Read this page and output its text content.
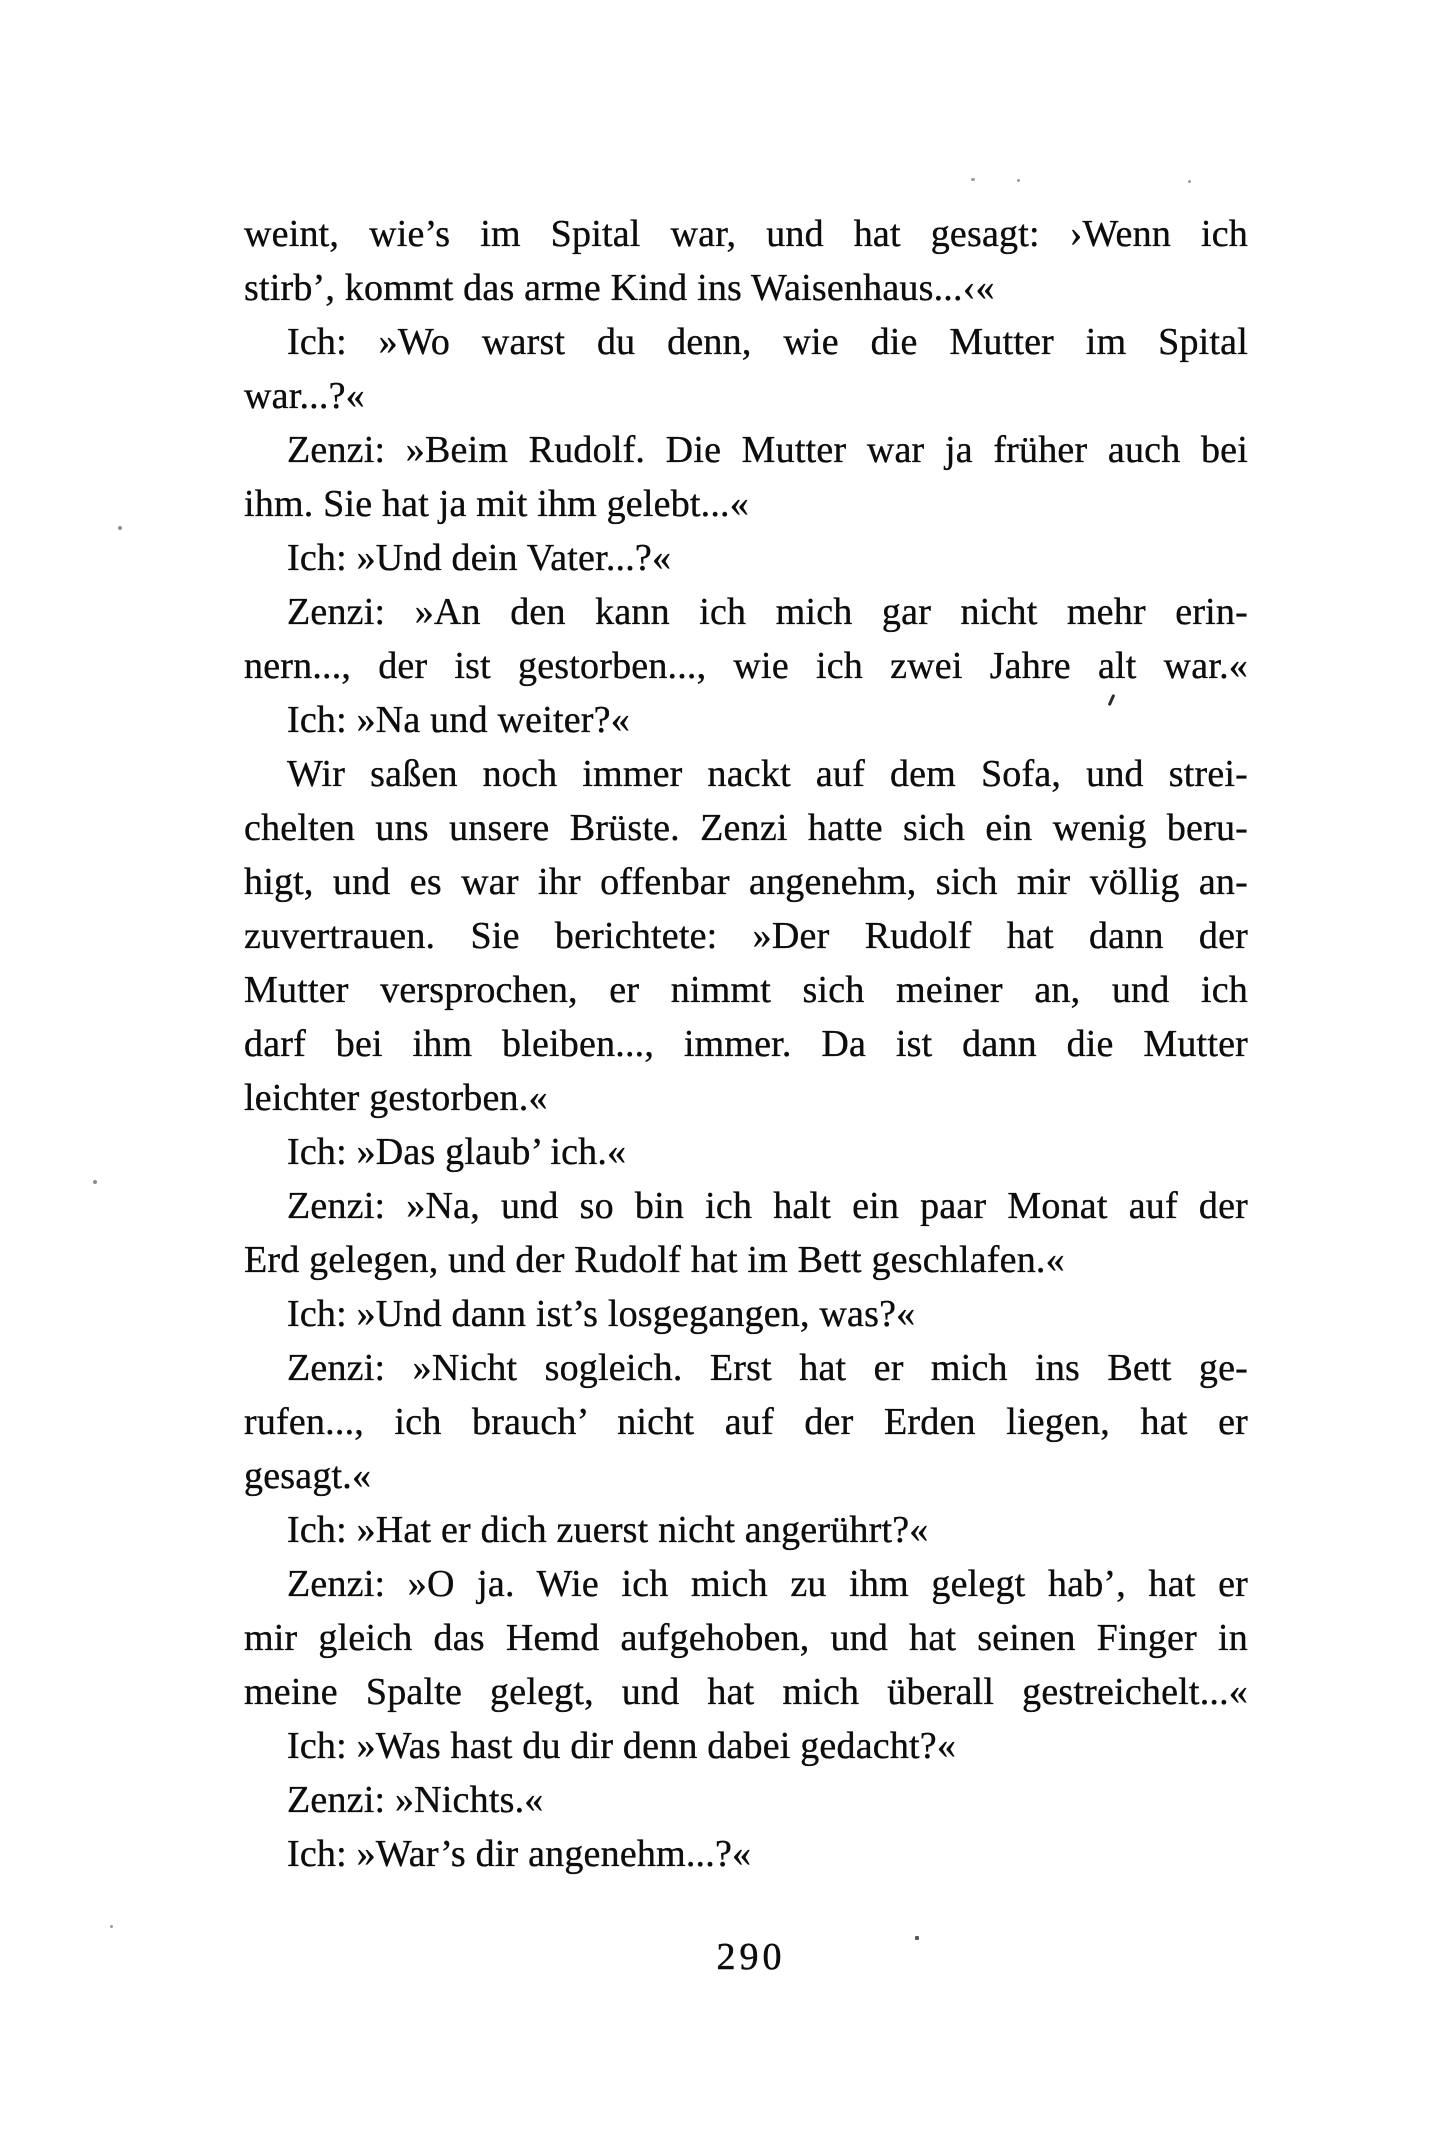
weint, wie’s im Spital war, und hat gesagt: ›Wenn ich
stirb’, kommt das arme Kind ins Waisenhaus...‹«
Ich: »Wo warst du denn, wie die Mutter im Spital
war...?«
Zenzi: »Beim Rudolf. Die Mutter war ja früher auch bei
ihm. Sie hat ja mit ihm gelebt...«
Ich: »Und dein Vater...?«
Zenzi: »An den kann ich mich gar nicht mehr erin-
nern..., der ist gestorben..., wie ich zwei Jahre alt war.«
Ich: »Na und weiter?«
Wir saßen noch immer nackt auf dem Sofa, und strei-
chelten uns unsere Brüste. Zenzi hatte sich ein wenig beru-
higt, und es war ihr offenbar angenehm, sich mir völlig an-
zuvertrauen. Sie berichtete: »Der Rudolf hat dann der
Mutter versprochen, er nimmt sich meiner an, und ich
darf bei ihm bleiben..., immer. Da ist dann die Mutter
leichter gestorben.«
Ich: »Das glaub’ ich.«
Zenzi: »Na, und so bin ich halt ein paar Monat auf der
Erd gelegen, und der Rudolf hat im Bett geschlafen.«
Ich: »Und dann ist’s losgegangen, was?«
Zenzi: »Nicht sogleich. Erst hat er mich ins Bett ge-
rufen..., ich brauch’ nicht auf der Erden liegen, hat er
gesagt.«
Ich: »Hat er dich zuerst nicht angerührt?«
Zenzi: »O ja. Wie ich mich zu ihm gelegt hab’, hat er
mir gleich das Hemd aufgehoben, und hat seinen Finger in
meine Spalte gelegt, und hat mich überall gestreichelt...«
Ich: »Was hast du dir denn dabei gedacht?«
Zenzi: »Nichts.«
Ich: »War’s dir angenehm...?«
290
